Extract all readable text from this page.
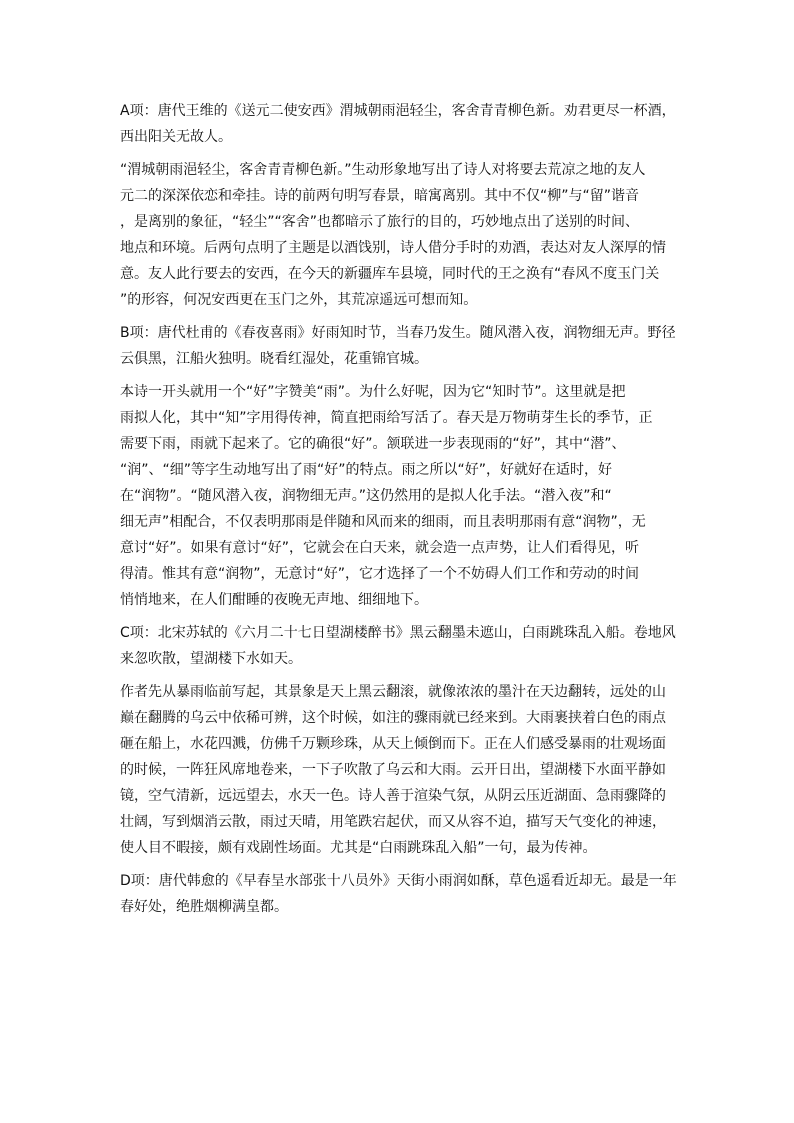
A项：唐代王维的《送元二使安西》渭城朝雨浥轻尘，客舍青青柳色新。劝君更尽一杯酒，
西出阳关无故人。

“渭城朝雨浥轻尘，客舍青青柳色新。”生动形象地写出了诗人对将要去荒凉之地的友人
元二的深深依恋和牵挂。诗的前两句明写春景，暗寓离别。其中不仅“柳”与“留”谐音
，是离别的象征，“轻尘”“客舍”也都暗示了旅行的目的，巧妙地点出了送别的时间、
地点和环境。后两句点明了主题是以酒饯别，诗人借分手时的劝酒，表达对友人深厚的情
意。友人此行要去的安西，在今天的新疆库车县境，同时代的王之涣有“春风不度玉门关
”的形容，何况安西更在玉门之外，其荒凉遥远可想而知。

B项：唐代杜甫的《春夜喜雨》好雨知时节，当春乃发生。随风潜入夜，润物细无声。野径
云俱黑，江船火独明。晓看红湿处，花重锦官城。

本诗一开头就用一个“好”字赞美“雨”。为什么好呢，因为它“知时节”。这里就是把
雨拟人化，其中“知”字用得传神，简直把雨给写活了。春天是万物萌芽生长的季节，正
需要下雨，雨就下起来了。它的确很“好”。颔联进一步表现雨的“好”，其中“潜”、
“润”、“细”等字生动地写出了雨“好”的特点。雨之所以“好”，好就好在适时，好
在“润物”。“随风潜入夜，润物细无声。”这仍然用的是拟人化手法。“潜入夜”和“
细无声”相配合，不仅表明那雨是伴随和风而来的细雨，而且表明那雨有意“润物”，无
意讨“好”。如果有意讨“好”，它就会在白天来，就会造一点声势，让人们看得见，听
得清。惟其有意“润物”，无意讨“好”，它才选择了一个不妨碍人们工作和劳动的时间
悄悄地来，在人们酣睡的夜晚无声地、细细地下。

C项：北宋苏轼的《六月二十七日望湖楼醉书》黑云翻墨未遮山，白雨跳珠乱入船。卷地风
来忽吹散，望湖楼下水如天。

作者先从暴雨临前写起，其景象是天上黑云翻滚，就像浓浓的墨汁在天边翻转，远处的山
巅在翻腾的乌云中依稀可辨，这个时候，如注的骤雨就已经来到。大雨裹挟着白色的雨点
砸在船上，水花四溅，仿佛千万颗珍珠，从天上倾倒而下。正在人们感受暴雨的壮观场面
的时候，一阵狂风席地卷来，一下子吹散了乌云和大雨。云开日出，望湖楼下水面平静如
镜，空气清新，远远望去，水天一色。诗人善于渲染气氛，从阴云压近湖面、急雨骤降的
壮阔，写到烟消云散，雨过天晴，用笔跌宕起伏，而又从容不迫，描写天气变化的神速，
使人目不暇接，颇有戏剧性场面。尤其是“白雨跳珠乱入船”一句，最为传神。

D项：唐代韩愈的《早春呈水部张十八员外》天街小雨润如酥，草色遥看近却无。最是一年
春好处，绝胜烟柳满皇都。
